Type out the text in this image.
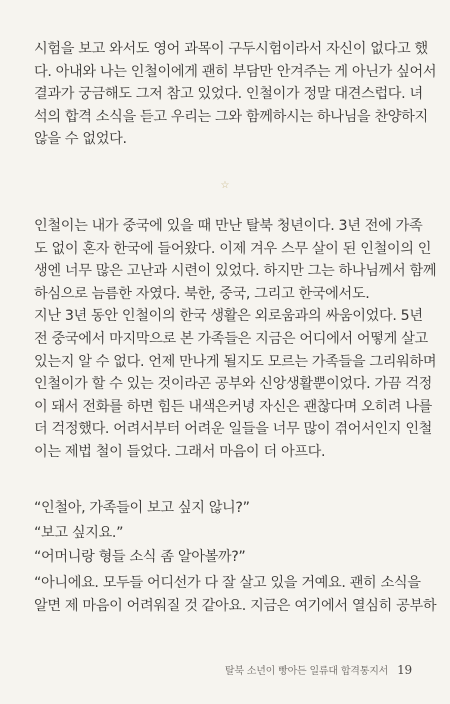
시험을 보고 와서도 영어 과목이 구두시험이라서 자신이 없다고 했
다. 아내와 나는 인철이에게 괜히 부담만 안겨주는 게 아닌가 싶어서
결과가 궁금해도 그저 참고 있었다. 인철이가 정말 대견스럽다. 녀
석의 합격 소식을 듣고 우리는 그와 함께하시는 하나님을 찬양하지
않을 수 없었다.
☆
인철이는 내가 중국에 있을 때 만난 탈북 청년이다. 3년 전에 가족
도 없이 혼자 한국에 들어왔다. 이제 겨우 스무 살이 된 인철이의 인
생엔 너무 많은 고난과 시련이 있었다. 하지만 그는 하나님께서 함께
하심으로 늠름한 자였다. 북한, 중국, 그리고 한국에서도.
지난 3년 동안 인철이의 한국 생활은 외로움과의 싸움이었다. 5년
전 중국에서 마지막으로 본 가족들은 지금은 어디에서 어떻게 살고
있는지 알 수 없다. 언제 만나게 될지도 모르는 가족들을 그리워하며
인철이가 할 수 있는 것이라곤 공부와 신앙생활뿐이었다. 가끔 걱정
이 돼서 전화를 하면 힘든 내색은커녕 자신은 괜찮다며 오히려 나를
더 걱정했다. 어려서부터 어려운 일들을 너무 많이 겪어서인지 인철
이는 제법 철이 들었다. 그래서 마음이 더 아프다.
“인철아, 가족들이 보고 싶지 않니?”
“보고 싶지요.”
“어머니랑 형들 소식 좀 알아볼까?”
“아니에요. 모두들 어디선가 다 잘 살고 있을 거예요. 괜히 소식을
알면 제 마음이 어려워질 것 같아요. 지금은 여기에서 열심히 공부하
탈북 소년이 빵아든 일류대 합격통지서 19
